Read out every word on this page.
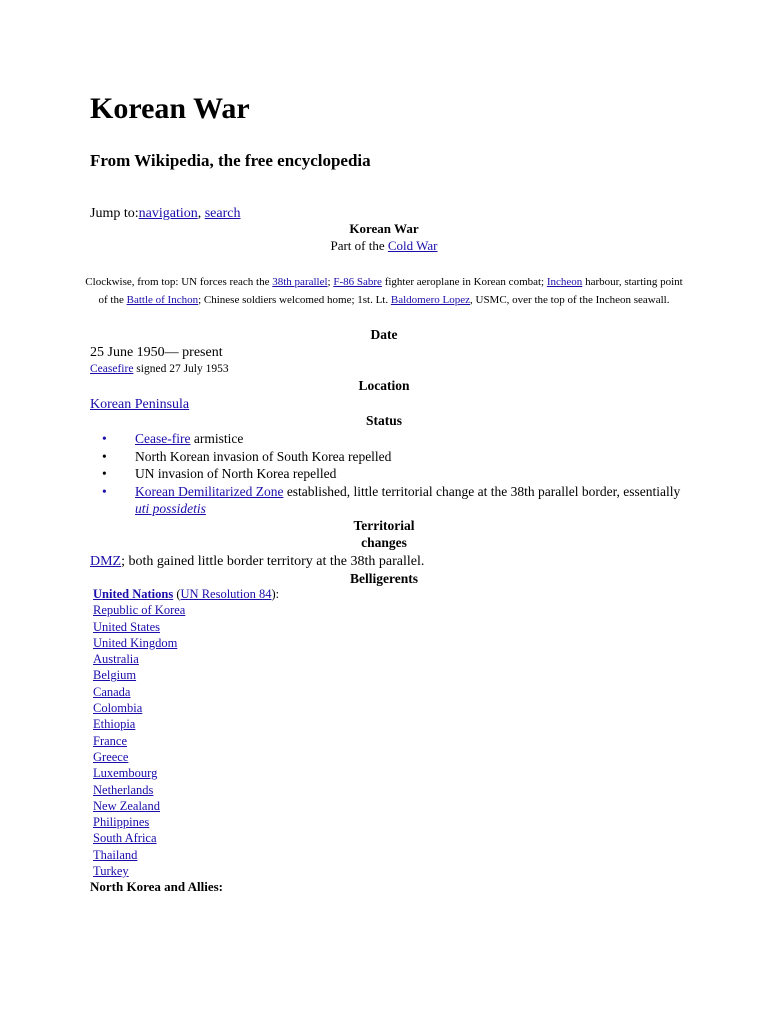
Korean War
From Wikipedia, the free encyclopedia
Jump to:navigation, search
Korean War
Part of the Cold War
Clockwise, from top: UN forces reach the 38th parallel; F-86 Sabre fighter aeroplane in Korean combat; Incheon harbour, starting point of the Battle of Inchon; Chinese soldiers welcomed home; 1st. Lt. Baldomero Lopez, USMC, over the top of the Incheon seawall.
Date
25 June 1950— present
Ceasefire signed 27 July 1953
Location
Korean Peninsula
Status
• Cease-fire armistice
• North Korean invasion of South Korea repelled
• UN invasion of North Korea repelled
• Korean Demilitarized Zone established, little territorial change at the 38th parallel border, essentially uti possidetis
Territorial
changes
DMZ; both gained little border territory at the 38th parallel.
Belligerents
United Nations (UN Resolution 84):
Republic of Korea
United States
United Kingdom
Australia
Belgium
Canada
Colombia
Ethiopia
France
Greece
Luxembourg
Netherlands
New Zealand
Philippines
South Africa
Thailand
Turkey
North Korea and Allies:
